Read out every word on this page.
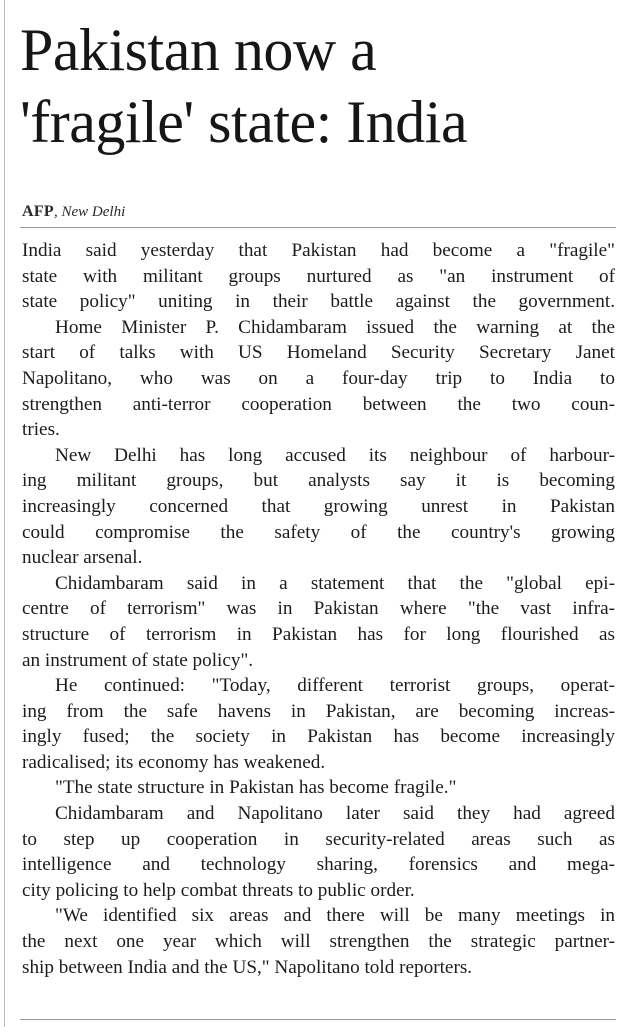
Pakistan now a
'fragile' state: India
AFP, New Delhi

India said yesterday that Pakistan had become a "fragile"
state with militant groups nurtured as "an instrument of
state policy" uniting in their battle against the government.

Home Minister P. Chidambaram issued the warning at the
start of talks with US Homeland Security Secretary Janet
Napolitano, who was on a four-day trip to India to
strengthen anti-terror cooperation between the two coun-
tries.

New Delhi has long accused its neighbour of harbour-
ing militant groups, but analysts say it is becoming
increasingly concerned that growing unrest in Pakistan
could compromise the safety of the country's growing
nuclear arsenal.

Chidambaram said in a statement that the "global epi-
centre of terrorism" was in Pakistan where "the vast infra-
structure of terrorism in Pakistan has for long flourished as
an instrument of state policy".

He continued: "Today, different terrorist groups, operat-
ing from the safe havens in Pakistan, are becoming increas-
ingly fused; the society in Pakistan has become increasingly
radicalised; its economy has weakened.

"The state structure in Pakistan has become fragile."

Chidambaram and Napolitano later said they had agreed
to step up cooperation in security-related areas such as
intelligence and technology sharing, forensics and mega-
city policing to help combat threats to public order.

"We identified six areas and there will be many meetings in
the next one year which will strengthen the strategic partner-
ship between India and the US," Napolitano told reporters.
